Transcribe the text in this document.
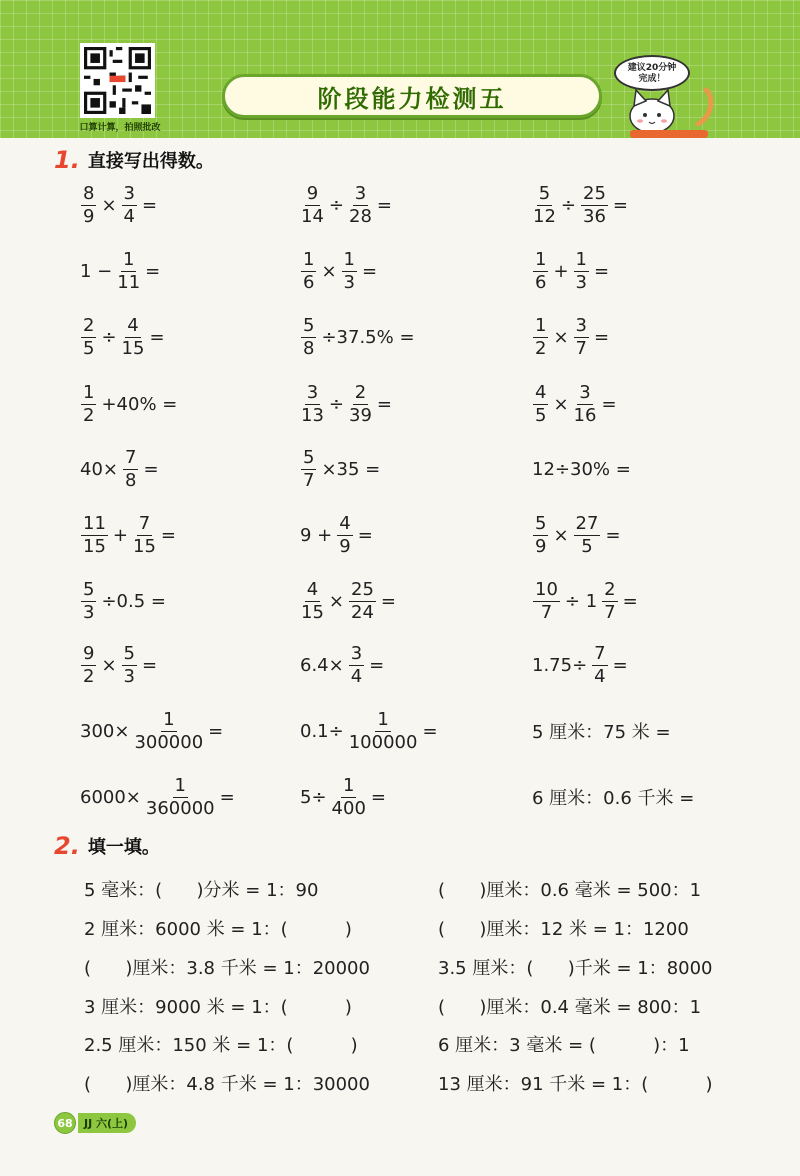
口算计算，拍照批改
阶段能力检测五
建议20分钟
完成！
1. 直接写出得数。
$\frac{8}{9} \times \frac{3}{4}$ =	$\frac{9}{14} \div \frac{3}{28}$ =	$\frac{5}{12} \div \frac{25}{36}$ =
$1 - \frac{1}{11}$ =	$\frac{1}{6} \times \frac{1}{3}$ =	$\frac{1}{6} + \frac{1}{3}$ =
$\frac{2}{5} \div \frac{4}{15}$ =	$\frac{5}{8} \div 37.5\%$ =	$\frac{1}{2} \times \frac{3}{7}$ =
$\frac{1}{2} +40\%$ =	$\frac{3}{13} \div \frac{2}{39}$ =	$\frac{4}{5} \times \frac{3}{16}$ =
$40\times \frac{7}{8}$ =	$\frac{5}{7} \times 35$ =	12÷30% =
$\frac{11}{15} + \frac{7}{15}$ =	$9 + \frac{4}{9}$ =	$\frac{5}{9} \times \frac{27}{5}$ =
$\frac{5}{3} \div 0.5$ =	$\frac{4}{15} \times \frac{25}{24}$ =	$\frac{10}{7} \div 1 \frac{2}{7}$ =
$\frac{9}{2} \times \frac{5}{3}$ =	$6.4\times \frac{3}{4}$ =	$1.75\div \frac{7}{4}$ =
$300\times \frac{1}{300000}$ =	$0.1\div \frac{1}{100000}$ =	5 厘米：75 米 =
$6000\times \frac{1}{360000}$ =	$5\div \frac{1}{400}$ =	6 厘米：0.6 千米 =
2. 填一填。
5 毫米：(      )分米 = 1：90	(      )厘米：0.6 毫米 = 500：1
2 厘米：6000 米 = 1：(          )	(      )厘米：12 米 = 1：1200
(      )厘米：3.8 千米 = 1：20000	3.5 厘米：(      )千米 = 1：8000
3 厘米：9000 米 = 1：(          )	(      )厘米：0.4 毫米 = 800：1
2.5 厘米：150 米 = 1：(          )	6 厘米：3 毫米 = (          )：1
(      )厘米：4.8 千米 = 1：30000	13 厘米：91 千米 = 1：(          )
68	JJ 六(上)
